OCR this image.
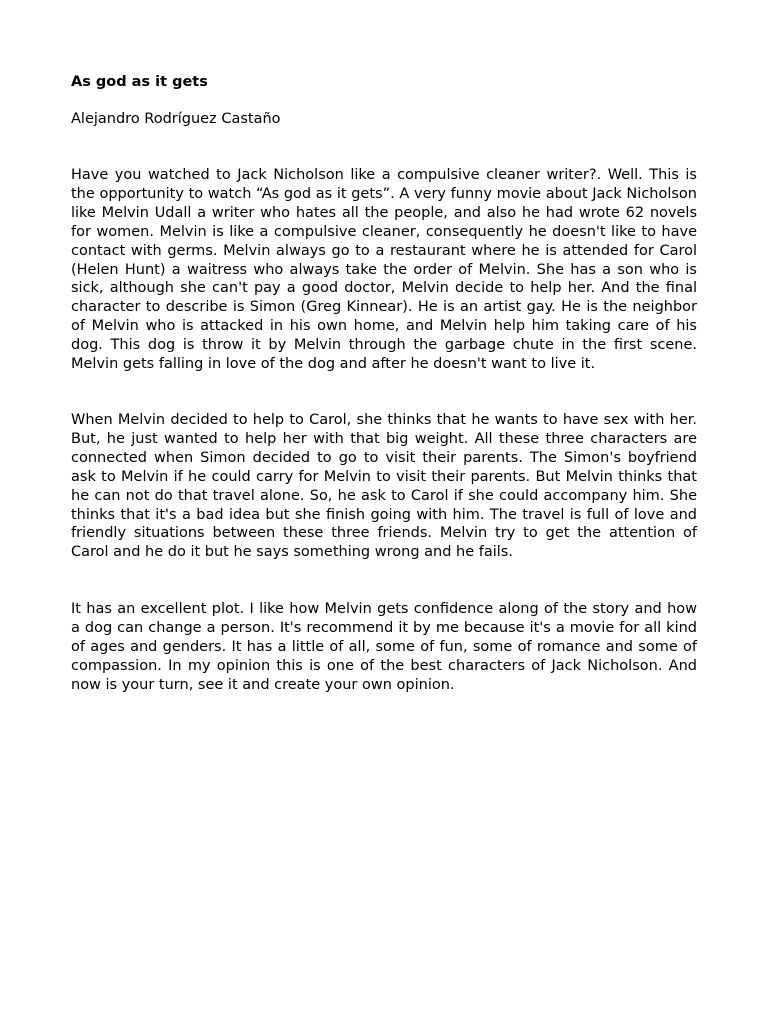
As god as it gets
Alejandro Rodríguez Castaño

Have you watched to Jack Nicholson like a compulsive cleaner writer?. Well. This is the opportunity to watch “As god as it gets”. A very funny movie about Jack Nicholson like Melvin Udall a writer who hates all the people, and also he had wrote 62 novels for women. Melvin is like a compulsive cleaner, consequently he doesn't like to have contact with germs. Melvin always go to a restaurant where he is attended for Carol (Helen Hunt) a waitress who always take the order of Melvin. She has a son who is sick, although she can't pay a good doctor, Melvin decide to help her. And the final character to describe is Simon (Greg Kinnear). He is an artist gay. He is the neighbor of Melvin who is attacked in his own home, and Melvin help him taking care of his dog. This dog is throw it by Melvin through the garbage chute in the first scene. Melvin gets falling in love of the dog and after he doesn't want to live it.

When Melvin decided to help to Carol, she thinks that he wants to have sex with her. But, he just wanted to help her with that big weight. All these three characters are connected when Simon decided to go to visit their parents. The Simon's boyfriend ask to Melvin if he could carry for Melvin to visit their parents. But Melvin thinks that he can not do that travel alone. So, he ask to Carol if she could accompany him. She thinks that it's a bad idea but she finish going with him. The travel is full of love and friendly situations between these three friends. Melvin try to get the attention of Carol and he do it but he says something wrong and he fails.

It has an excellent plot. I like how Melvin gets confidence along of the story and how a dog can change a person. It's recommend it by me because it's a movie for all kind of ages and genders. It has a little of all, some of fun, some of romance and some of compassion. In my opinion this is one of the best characters of Jack Nicholson. And now is your turn, see it and create your own opinion.
